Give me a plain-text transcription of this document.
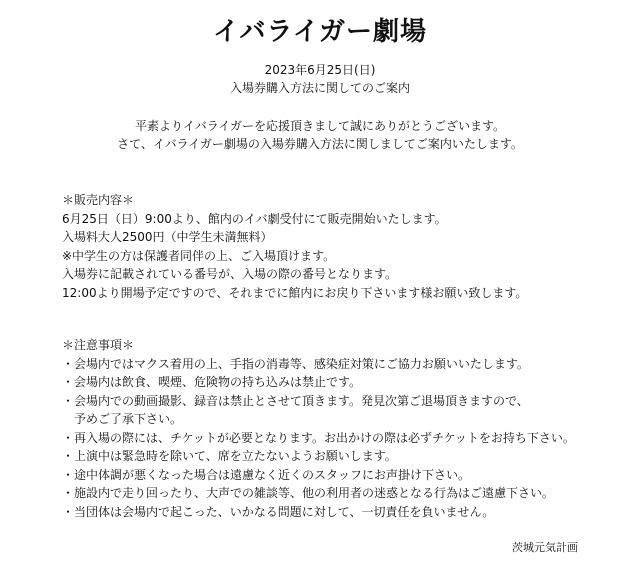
イバライガー劇場
2023年6月25日(日)
入場券購入方法に関してのご案内
平素よりイバライガーを応援頂きまして誠にありがとうございます。
さて、イバライガー劇場の入場券購入方法に関しましてご案内いたします。
＊販売内容＊
6月25日（日）9:00より、館内のイバ劇受付にて販売開始いたします。
入場料大人2500円（中学生未満無料）
※中学生の方は保護者同伴の上、ご入場頂けます。
入場券に記載されている番号が、入場の際の番号となります。
12:00より開場予定ですので、それまでに館内にお戻り下さいます様お願い致します。
＊注意事項＊
・会場内ではマクス着用の上、手指の消毒等、感染症対策にご協力お願いいたします。
・会場内は飲食、喫煙、危険物の持ち込みは禁止です。
・会場内での動画撮影、録音は禁止とさせて頂きます。発見次第ご退場頂きますので、
予めご了承下さい。
・再入場の際には、チケットが必要となります。お出かけの際は必ずチケットをお持ち下さい。
・上演中は緊急時を除いて、席を立たないようお願いします。
・途中体調が悪くなった場合は遠慮なく近くのスタッフにお声掛け下さい。
・施設内で走り回ったり、大声での雑談等、他の利用者の迷惑となる行為はご遠慮下さい。
・当団体は会場内で起こった、いかなる問題に対して、一切責任を負いません。
茨城元気計画
